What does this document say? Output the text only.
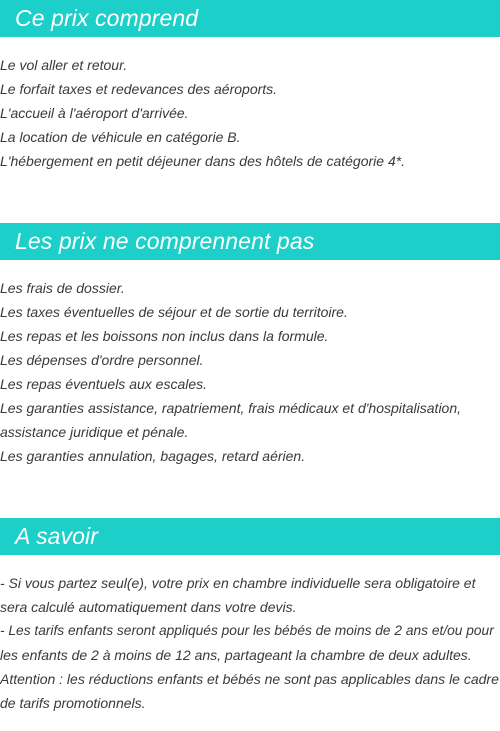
Ce prix comprend
Le vol aller et retour.
Le forfait taxes et redevances des aéroports.
L'accueil à l'aéroport d'arrivée.
La location de véhicule en catégorie B.
L'hébergement en petit déjeuner dans des hôtels de catégorie 4*.
Les prix ne comprennent pas
Les frais de dossier.
Les taxes éventuelles de séjour et de sortie du territoire.
Les repas et les boissons non inclus dans la formule.
Les dépenses d'ordre personnel.
Les repas éventuels aux escales.
Les garanties assistance, rapatriement, frais médicaux et d'hospitalisation,
assistance juridique et pénale.
Les garanties annulation, bagages, retard aérien.
A savoir
- Si vous partez seul(e), votre prix en chambre individuelle sera obligatoire et
sera calculé automatiquement dans votre devis.
- Les tarifs enfants seront appliqués pour les bébés de moins de 2 ans et/ou pour
les enfants de 2 à moins de 12 ans, partageant la chambre de deux adultes.
Attention : les réductions enfants et bébés ne sont pas applicables dans le cadre
de tarifs promotionnels.
